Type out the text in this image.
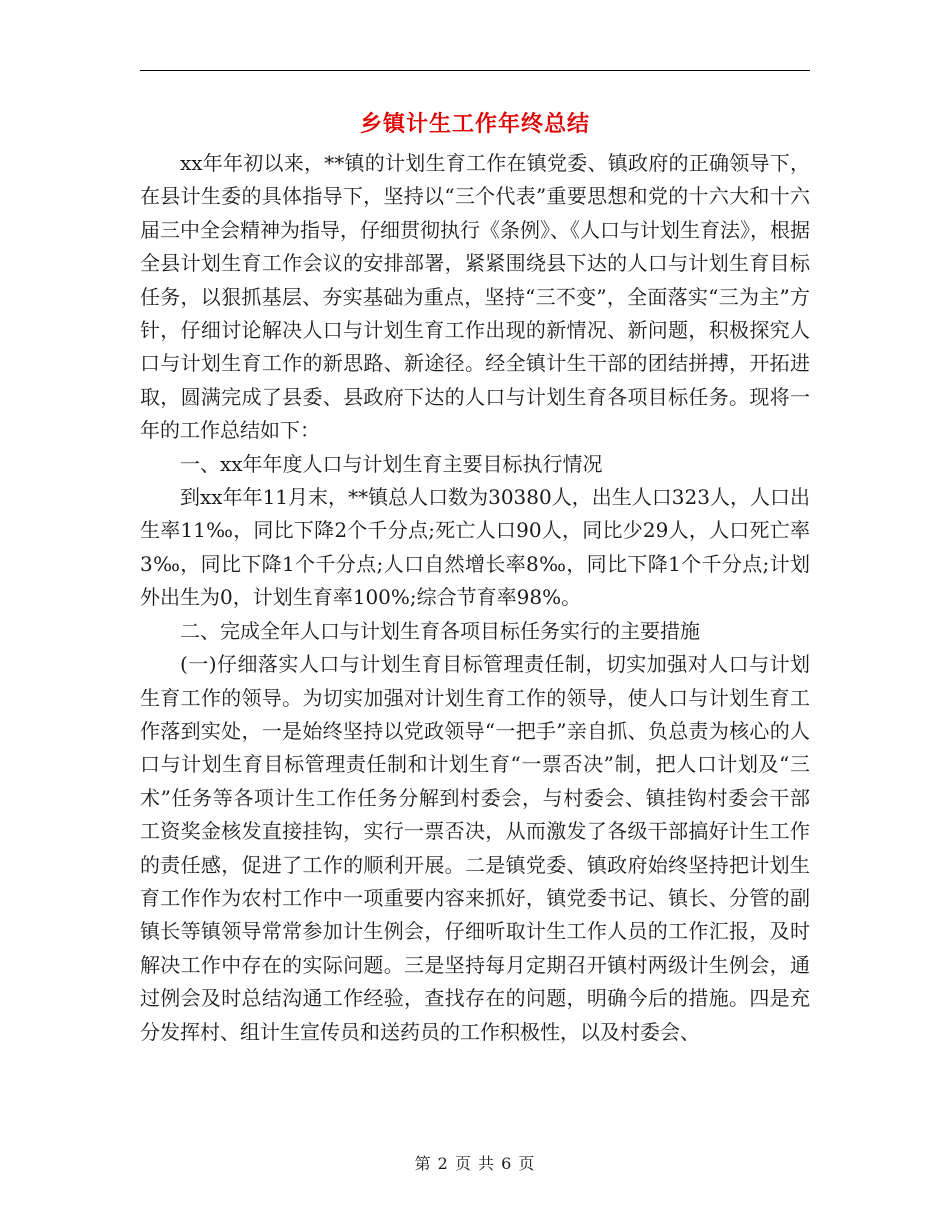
乡镇计生工作年终总结

xx年年初以来，**镇的计划生育工作在镇党委、镇政府的正确领导下，在县计生委的具体指导下，坚持以“三个代表”重要思想和党的十六大和十六届三中全会精神为指导，仔细贯彻执行《条例》、《人口与计划生育法》，根据全县计划生育工作会议的安排部署，紧紧围绕县下达的人口与计划生育目标任务，以狠抓基层、夯实基础为重点，坚持“三不变”，全面落实“三为主”方针，仔细讨论解决人口与计划生育工作出现的新情况、新问题，积极探究人口与计划生育工作的新思路、新途径。经全镇计生干部的团结拼搏，开拓进取，圆满完成了县委、县政府下达的人口与计划生育各项目标任务。现将一年的工作总结如下：

一、xx年年度人口与计划生育主要目标执行情况

到xx年年11月末，**镇总人口数为30380人，出生人口323人，人口出生率11‰，同比下降2个千分点;死亡人口90人，同比少29人，人口死亡率3‰，同比下降1个千分点;人口自然增长率8‰，同比下降1个千分点;计划外出生为0，计划生育率100%;综合节育率98%。

二、完成全年人口与计划生育各项目标任务实行的主要措施

(一)仔细落实人口与计划生育目标管理责任制，切实加强对人口与计划生育工作的领导。为切实加强对计划生育工作的领导，使人口与计划生育工作落到实处，一是始终坚持以党政领导“一把手”亲自抓、负总责为核心的人口与计划生育目标管理责任制和计划生育“一票否决”制，把人口计划及“三术”任务等各项计生工作任务分解到村委会，与村委会、镇挂钩村委会干部工资奖金核发直接挂钩，实行一票否决，从而激发了各级干部搞好计生工作的责任感，促进了工作的顺利开展。二是镇党委、镇政府始终坚持把计划生育工作作为农村工作中一项重要内容来抓好，镇党委书记、镇长、分管的副镇长等镇领导常常参加计生例会，仔细听取计生工作人员的工作汇报，及时解决工作中存在的实际问题。三是坚持每月定期召开镇村两级计生例会，通过例会及时总结沟通工作经验，查找存在的问题，明确今后的措施。四是充分发挥村、组计生宣传员和送药员的工作积极性，以及村委会、

第 2 页 共 6 页
